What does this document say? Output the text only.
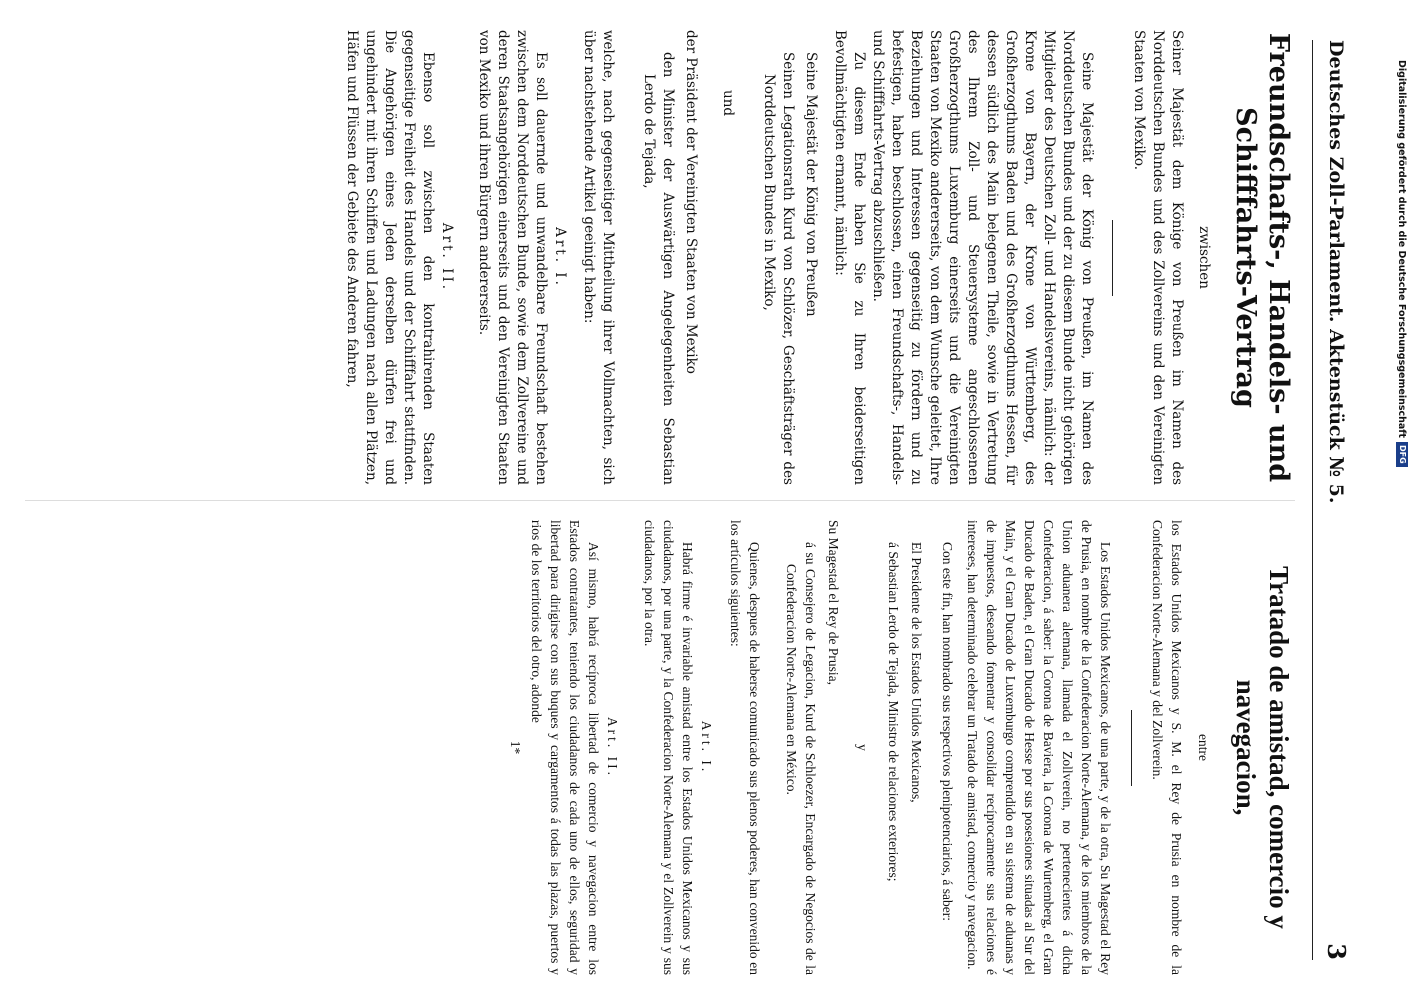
Deutsches Zoll-Parlament. Aktenstück № 5.
3
Freundschafts-, Handels- und Schifffahrts-Vertrag
zwischen

Seiner Majestät dem Könige von Preußen im Namen des Norddeutschen Bundes und des Zollvereins und den Vereinigten Staaten von Mexiko.

Seine Majestät der König von Preußen, im Namen des Norddeutschen Bundes und der zu diesem Bunde nicht gehörigen Mitglieder des Deutschen Zoll- und Handelsvereins, nämlich: der Krone von Bayern, der Krone von Württemberg, des Großherzogthums Baden und des Großherzogthums Hessen, für dessen südlich des Main belegenen Theile, sowie in Vertretung des Ihrem Zoll- und Steuersysteme angeschlossenen Großherzogthums Luxemburg einerseits und die Vereinigten Staaten von Mexiko andererseits, von dem Wunsche geleitet, Ihre Beziehungen und Interessen gegenseitig zu fördern und zu befestigen, haben beschlossen, einen Freundschafts-, Handels- und Schifffahrts-Vertrag abzuschließen.

Zu diesem Ende haben Sie zu Ihren beiderseitigen Bevollmächtigten ernannt, nämlich:

Seine Majestät der König von Preußen

Seinen Legationsrath Kurd von Schlözer, Geschäftsträger des Norddeutschen Bundes in Mexiko,

und

der Präsident der Vereinigten Staaten von Mexiko

den Minister der Auswärtigen Angelegenheiten Sebastian Lerdo de Tejada,

welche, nach gegenseitiger Mittheilung ihrer Vollmachten, sich über nachstehende Artikel geeinigt haben:

Art. I.

Es soll dauernde und unwandelbare Freundschaft bestehen zwischen dem Norddeutschen Bunde, sowie dem Zollvereine und deren Staatsangehörigen einerseits und den Vereinigten Staaten von Mexiko und ihren Bürgern andererseits.

Art. II.

Ebenso soll zwischen den kontrahirenden Staaten gegenseitige Freiheit des Handels und der Schifffahrt stattfinden. Die Angehörigen eines Jeden derselben dürfen frei und ungehindert mit ihren Schiffen und Ladungen nach allen Plätzen, Häfen und Flüssen der Gebiete des Anderen fahren,

Tratado de amistad, comercio y navegacion,
entre

los Estados Unidos Mexicanos y S. M. el Rey de Prusia en nombre de la Confederacion Norte-Alemana y del Zollverein.

Los Estados Unidos Mexicanos, de una parte, y de la otra, Su Magestad el Rey de Prusia, en nombre de la Confederacion Norte-Alemana, y de los miembros de la Union aduanera alemana, llamada el Zollverein, no pertenecientes á dicha Confederacion, á saber: la Corona de Baviera, la Corona de Wurtemberg, el Gran Ducado de Baden, el Gran Ducado de Hesse por sus posesiones situadas al Sur del Main, y el Gran Ducado de Luxemburgo comprendido en su sistema de aduanas y de impuestos, deseando fomentar y consolidar recíprocamente sus relaciones é intereses, han determinado celebrar un Tratado de amistad, comercio y navegacion.

Con este fin, han nombrado sus respectivos plenipotenciarios, á saber:

El Presidente de los Estados Unidos Mexicanos,

á Sebastian Lerdo de Tejada, Ministro de relaciones exteriores;

y

Su Magestad el Rey de Prusia,

á su Consejero de Legacion, Kurd de Schloezer, Encargado de Negocios de la Confederacion Norte-Alemana en México.

Quienes, despues de haberse comunicado sus plenos poderes, han convenido en los artículos siguientes:

Art. I.

Habrá firme é invariable amistad entre los Estados Unidos Mexicanos y sus ciudadanos, por una parte, y la Confederacion Norte-Alemana y el Zollverein y sus ciudadanos, por la otra.

Art. II.

Así mismo, habrá recíproca libertad de comercio y navegacion entre los Estados contratantes, teniendo los ciudadanos de cada uno de ellos, seguridad y libertad para dirigirse con sus buques y cargamentos á todas las plazas, puertos y rios de los territorios del otro, adonde

1*
Digitalisierung gefördert durch die Deutsche Forschungsgemeinschaft
DFG
